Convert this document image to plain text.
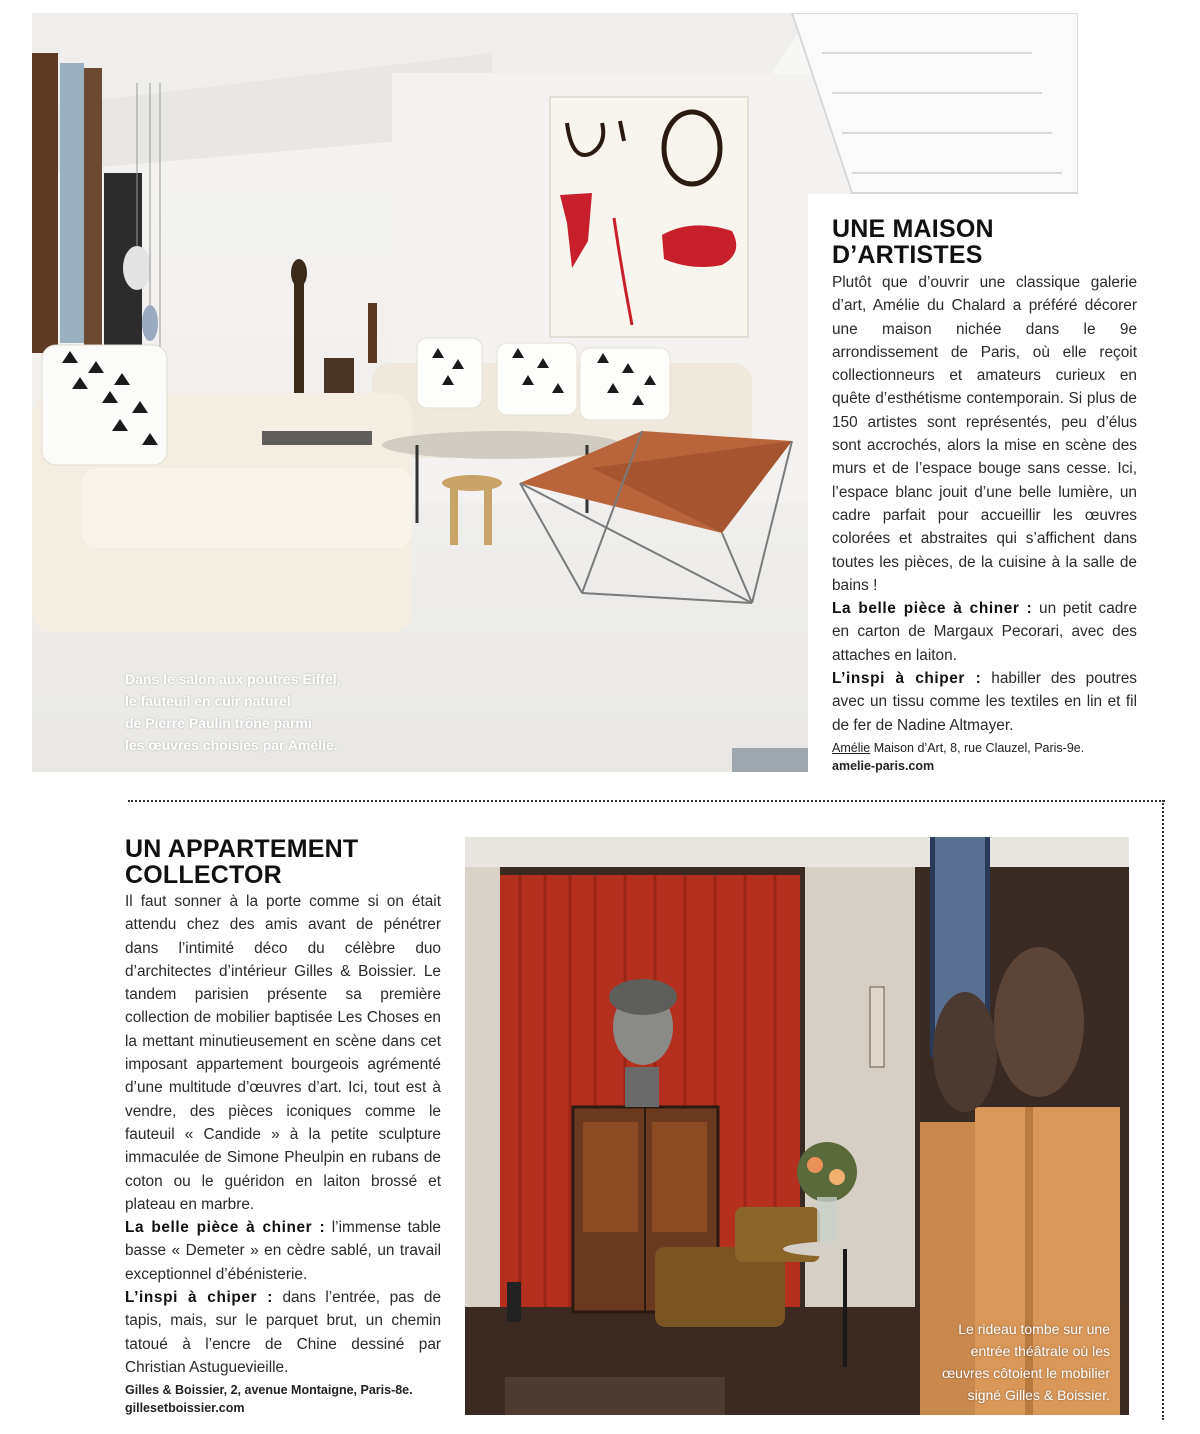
Dans le salon aux poutres Eiffel,
le fauteuil en cuir naturel
de Pierre Paulin trône parmi
les œuvres choisies par Amélie.
UNE MAISON
D’ARTISTES

Plutôt que d’ouvrir une classique galerie d’art, Amélie du Chalard a préféré décorer une maison nichée dans le 9e arrondissement de Paris, où elle reçoit collectionneurs et amateurs curieux en quête d’esthétisme contemporain. Si plus de 150 artistes sont représentés, peu d’élus sont accrochés, alors la mise en scène des murs et de l’espace bouge sans cesse. Ici, l’espace blanc jouit d’une belle lumière, un cadre parfait pour accueillir les œuvres colorées et abstraites qui s’affichent dans toutes les pièces, de la cuisine à la salle de bains !

La belle pièce à chiner : un petit cadre en carton de Margaux Pecorari, avec des attaches en laiton.

L’inspi à chiper : habiller des poutres avec un tissu comme les textiles en lin et fil de fer de Nadine Altmayer.

Amélie Maison d’Art, 8, rue Clauzel, Paris-9e.
amelie-paris.com
UN APPARTEMENT
COLLECTOR

Il faut sonner à la porte comme si on était attendu chez des amis avant de pénétrer dans l’intimité déco du célèbre duo d’architectes d’intérieur Gilles & Boissier. Le tandem parisien présente sa première collection de mobilier baptisée Les Choses en la mettant minutieusement en scène dans cet imposant appartement bourgeois agrémenté d’une multitude d’œuvres d’art. Ici, tout est à vendre, des pièces iconiques comme le fauteuil « Candide » à la petite sculpture immaculée de Simone Pheulpin en rubans de coton ou le guéridon en laiton brossé et plateau en marbre.

La belle pièce à chiner : l’immense table basse « Demeter » en cèdre sablé, un travail exceptionnel d’ébénisterie.

L’inspi à chiper : dans l’entrée, pas de tapis, mais, sur le parquet brut, un chemin tatoué à l’encre de Chine dessiné par Christian Astuguevieille.

Gilles & Boissier, 2, avenue Montaigne, Paris-8e.
gillesetboissier.com
Le rideau tombe sur une
entrée théâtrale où les
œuvres côtoient le mobilier
signé Gilles & Boissier.
